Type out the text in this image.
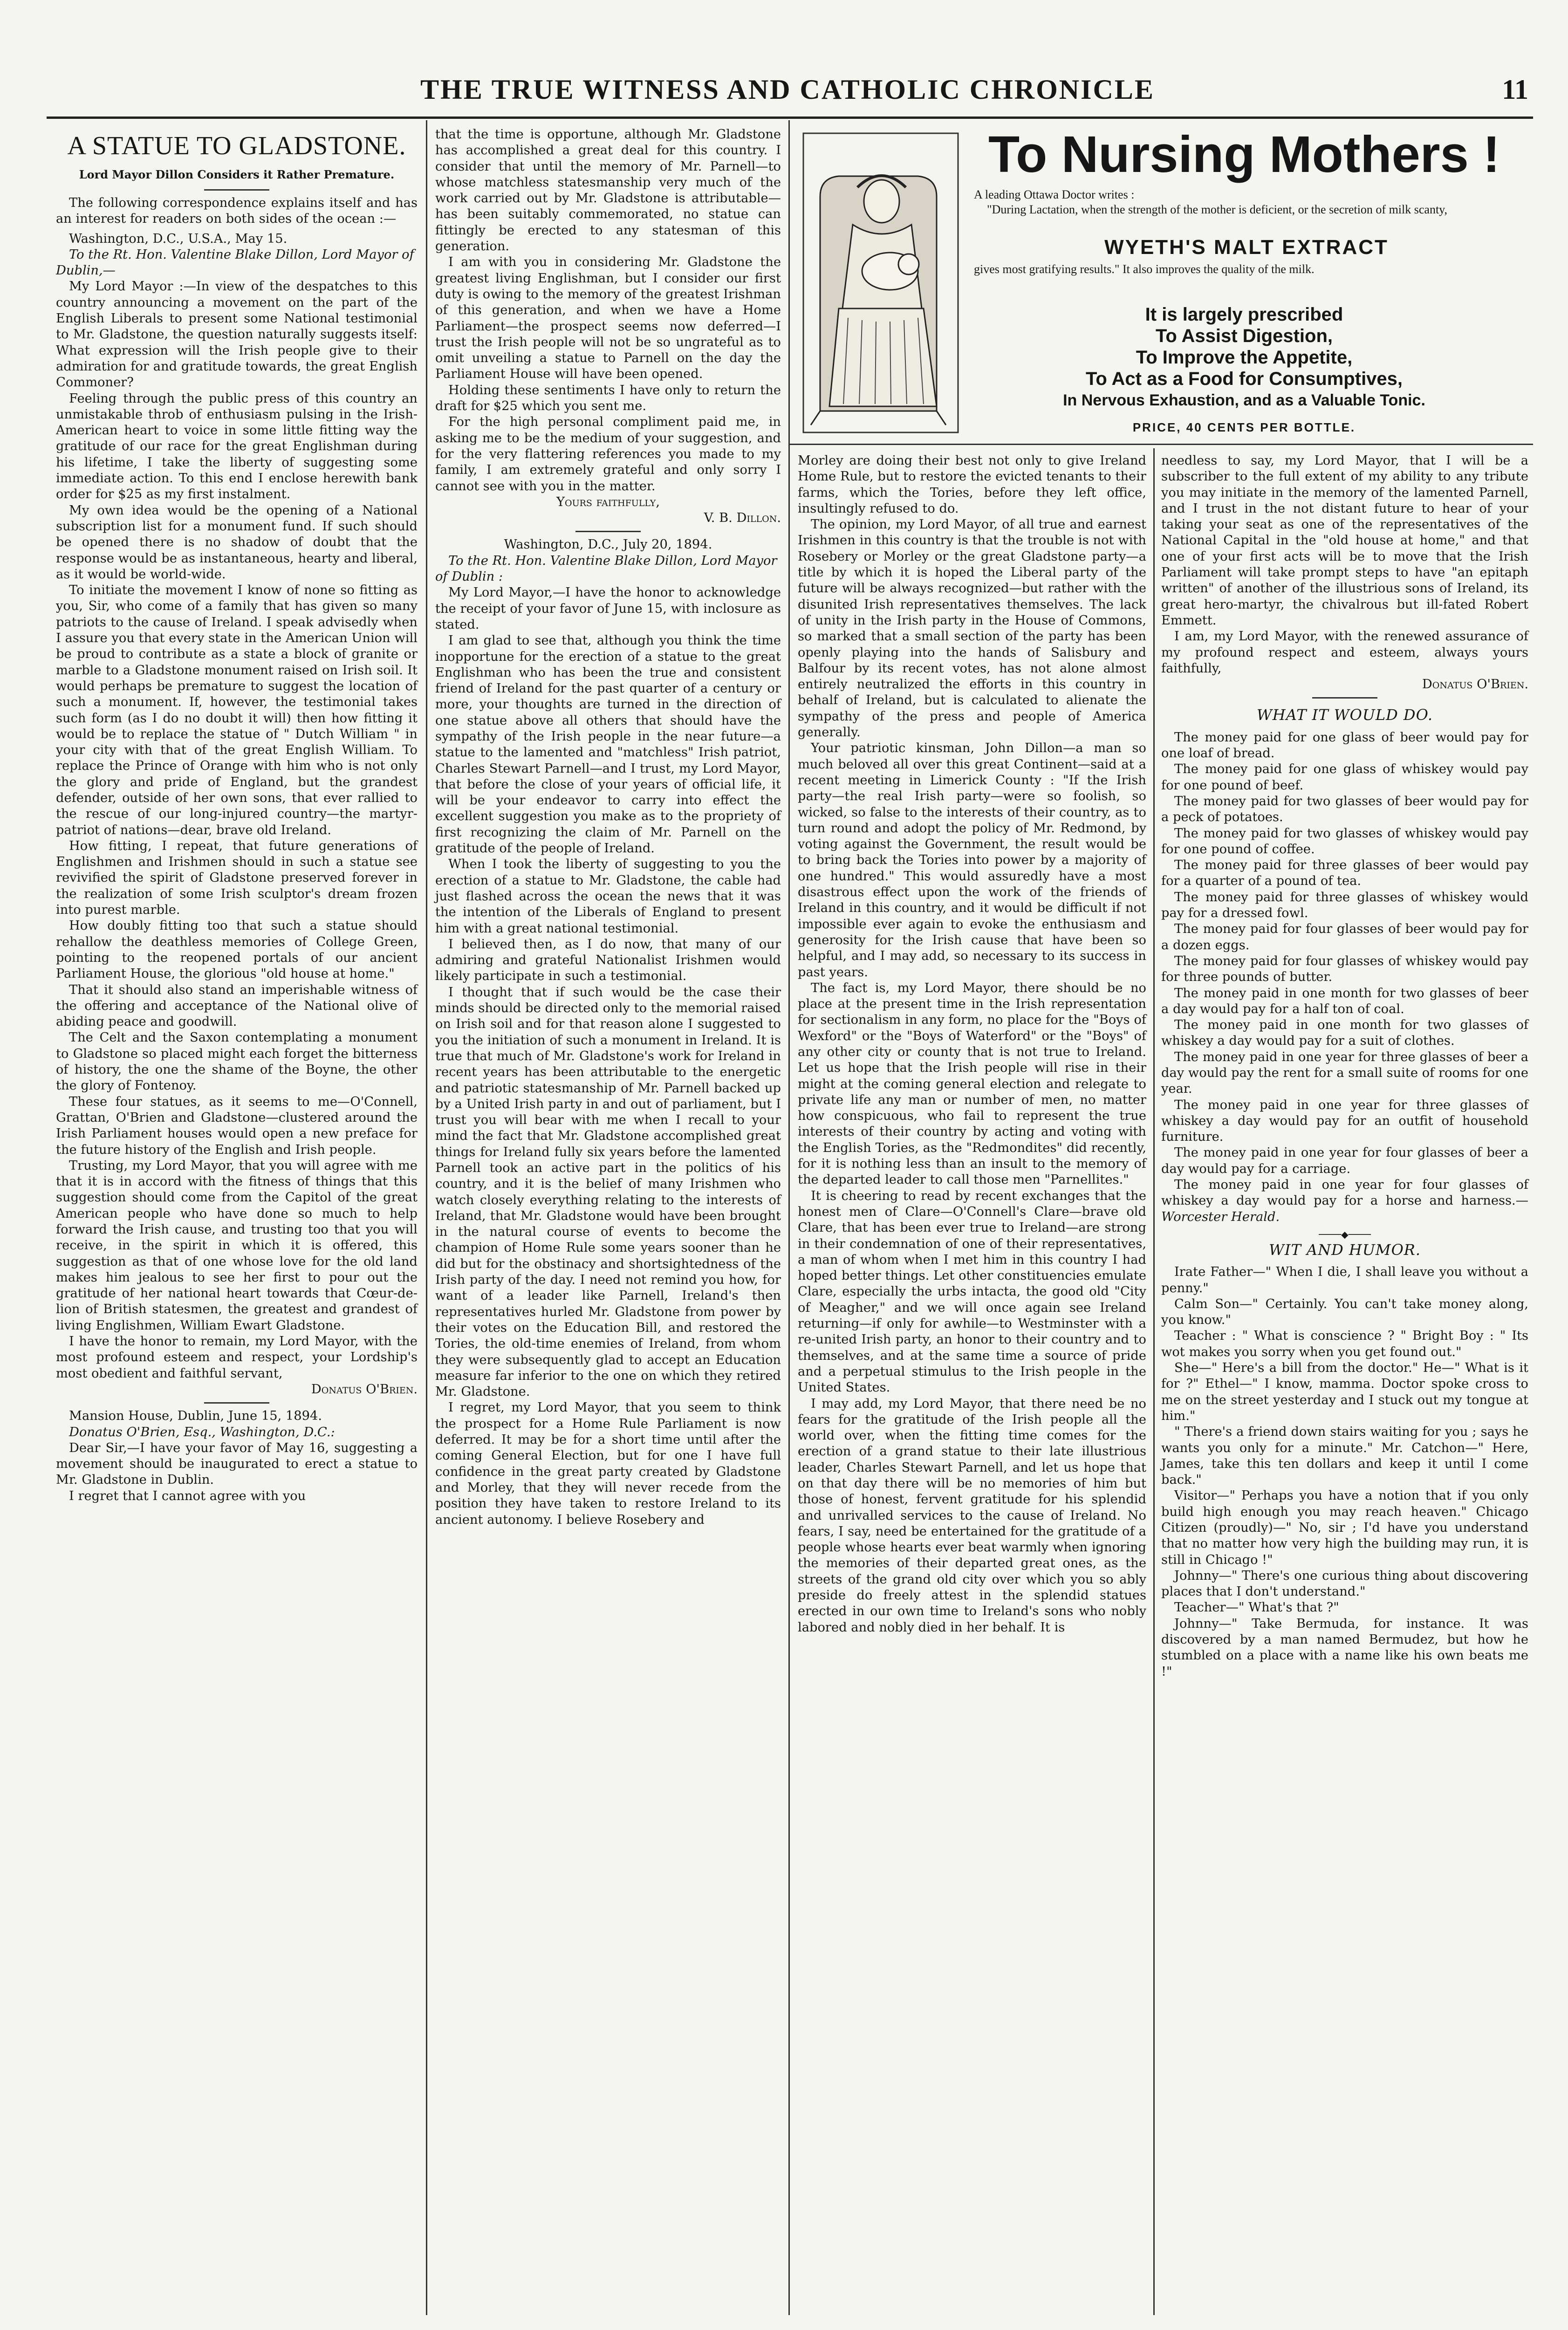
THE TRUE WITNESS AND CATHOLIC CHRONICLE	11
A STATUE TO GLADSTONE.
Lord Mayor Dillon Considers it Rather Premature.

The following correspondence explains itself and has an interest for readers on both sides of the ocean :—

Washington, D.C., U.S.A., May 15.

To the Rt. Hon. Valentine Blake Dillon, Lord Mayor of Dublin,—

My Lord Mayor :—In view of the despatches to this country announcing a movement on the part of the English Liberals to present some National testimonial to Mr. Gladstone, the question naturally suggests itself: What expression will the Irish people give to their admiration for and gratitude towards, the great English Commoner?

Feeling through the public press of this country an unmistakable throb of enthusiasm pulsing in the Irish-American heart to voice in some little fitting way the gratitude of our race for the great Englishman during his lifetime, I take the liberty of suggesting some immediate action. To this end I enclose herewith bank order for $25 as my first instalment.

My own idea would be the opening of a National subscription list for a monument fund. If such should be opened there is no shadow of doubt that the response would be as instantaneous, hearty and liberal, as it would be world-wide.

To initiate the movement I know of none so fitting as you, Sir, who come of a family that has given so many patriots to the cause of Ireland. I speak advisedly when I assure you that every state in the American Union will be proud to contribute as a state a block of granite or marble to a Gladstone monument raised on Irish soil. It would perhaps be premature to suggest the location of such a monument. If, however, the testimonial takes such form (as I do no doubt it will) then how fitting it would be to replace the statue of " Dutch William " in your city with that of the great English William. To replace the Prince of Orange with him who is not only the glory and pride of England, but the grandest defender, outside of her own sons, that ever rallied to the rescue of our long-injured country—the martyr-patriot of nations—dear, brave old Ireland.

How fitting, I repeat, that future generations of Englishmen and Irishmen should in such a statue see revivified the spirit of Gladstone preserved forever in the realization of some Irish sculptor's dream frozen into purest marble.

How doubly fitting too that such a statue should rehallow the deathless memories of College Green, pointing to the reopened portals of our ancient Parliament House, the glorious "old house at home."

That it should also stand an imperishable witness of the offering and acceptance of the National olive of abiding peace and goodwill.

The Celt and the Saxon contemplating a monument to Gladstone so placed might each forget the bitterness of history, the one the shame of the Boyne, the other the glory of Fontenoy.

These four statues, as it seems to me—O'Connell, Grattan, O'Brien and Gladstone—clustered around the Irish Parliament houses would open a new preface for the future history of the English and Irish people.

Trusting, my Lord Mayor, that you will agree with me that it is in accord with the fitness of things that this suggestion should come from the Capitol of the great American people who have done so much to help forward the Irish cause, and trusting too that you will receive, in the spirit in which it is offered, this suggestion as that of one whose love for the old land makes him jealous to see her first to pour out the gratitude of her national heart towards that Cœur-de-lion of British statesmen, the greatest and grandest of living Englishmen, William Ewart Gladstone.

I have the honor to remain, my Lord Mayor, with the most profound esteem and respect, your Lordship's most obedient and faithful servant,

Donatus O'Brien.

Mansion House, Dublin, June 15, 1894.

Donatus O'Brien, Esq., Washington, D.C.:

Dear Sir,—I have your favor of May 16, suggesting a movement should be inaugurated to erect a statue to Mr. Gladstone in Dublin.

I regret that I cannot agree with you

that the time is opportune, although Mr. Gladstone has accomplished a great deal for this country. I consider that until the memory of Mr. Parnell—to whose matchless statesmanship very much of the work carried out by Mr. Gladstone is attributable—has been suitably commemorated, no statue can fittingly be erected to any statesman of this generation.

I am with you in considering Mr. Gladstone the greatest living Englishman, but I consider our first duty is owing to the memory of the greatest Irishman of this generation, and when we have a Home Parliament—the prospect seems now deferred—I trust the Irish people will not be so ungrateful as to omit unveiling a statue to Parnell on the day the Parliament House will have been opened.

Holding these sentiments I have only to return the draft for $25 which you sent me.

For the high personal compliment paid me, in asking me to be the medium of your suggestion, and for the very flattering references you made to my family, I am extremely grateful and only sorry I cannot see with you in the matter.

Yours faithfully,

V. B. Dillon.

Washington, D.C., July 20, 1894.

To the Rt. Hon. Valentine Blake Dillon, Lord Mayor of Dublin :

My Lord Mayor,—I have the honor to acknowledge the receipt of your favor of June 15, with inclosure as stated.

I am glad to see that, although you think the time inopportune for the erection of a statue to the great Englishman who has been the true and consistent friend of Ireland for the past quarter of a century or more, your thoughts are turned in the direction of one statue above all others that should have the sympathy of the Irish people in the near future—a statue to the lamented and "matchless" Irish patriot, Charles Stewart Parnell—and I trust, my Lord Mayor, that before the close of your years of official life, it will be your endeavor to carry into effect the excellent suggestion you make as to the propriety of first recognizing the claim of Mr. Parnell on the gratitude of the people of Ireland.

When I took the liberty of suggesting to you the erection of a statue to Mr. Gladstone, the cable had just flashed across the ocean the news that it was the intention of the Liberals of England to present him with a great national testimonial.

I believed then, as I do now, that many of our admiring and grateful Nationalist Irishmen would likely participate in such a testimonial.

I thought that if such would be the case their minds should be directed only to the memorial raised on Irish soil and for that reason alone I suggested to you the initiation of such a monument in Ireland. It is true that much of Mr. Gladstone's work for Ireland in recent years has been attributable to the energetic and patriotic statesmanship of Mr. Parnell backed up by a United Irish party in and out of parliament, but I trust you will bear with me when I recall to your mind the fact that Mr. Gladstone accomplished great things for Ireland fully six years before the lamented Parnell took an active part in the politics of his country, and it is the belief of many Irishmen who watch closely everything relating to the interests of Ireland, that Mr. Gladstone would have been brought in the natural course of events to become the champion of Home Rule some years sooner than he did but for the obstinacy and shortsightedness of the Irish party of the day. I need not remind you how, for want of a leader like Parnell, Ireland's then representatives hurled Mr. Gladstone from power by their votes on the Education Bill, and restored the Tories, the old-time enemies of Ireland, from whom they were subsequently glad to accept an Education measure far inferior to the one on which they retired Mr. Gladstone.

I regret, my Lord Mayor, that you seem to think the prospect for a Home Rule Parliament is now deferred. It may be for a short time until after the coming General Election, but for one I have full confidence in the great party created by Gladstone and Morley, that they will never recede from the position they have taken to restore Ireland to its ancient autonomy. I believe Rosebery and

To Nursing Mothers !
A leading Ottawa Doctor writes :
"During Lactation, when the strength of the mother is deficient, or the secretion of milk scanty,
WYETH'S MALT EXTRACT
gives most gratifying results." It also improves the quality of the milk.
It is largely prescribed
To Assist Digestion,
To Improve the Appetite,
To Act as a Food for Consumptives,
In Nervous Exhaustion, and as a Valuable Tonic.
PRICE, 40 CENTS PER BOTTLE.

Morley are doing their best not only to give Ireland Home Rule, but to restore the evicted tenants to their farms, which the Tories, before they left office, insultingly refused to do.

The opinion, my Lord Mayor, of all true and earnest Irishmen in this country is that the trouble is not with Rosebery or Morley or the great Gladstone party—a title by which it is hoped the Liberal party of the future will be always recognized—but rather with the disunited Irish representatives themselves. The lack of unity in the Irish party in the House of Commons, so marked that a small section of the party has been openly playing into the hands of Salisbury and Balfour by its recent votes, has not alone almost entirely neutralized the efforts in this country in behalf of Ireland, but is calculated to alienate the sympathy of the press and people of America generally.

Your patriotic kinsman, John Dillon—a man so much beloved all over this great Continent—said at a recent meeting in Limerick County : "If the Irish party—the real Irish party—were so foolish, so wicked, so false to the interests of their country, as to turn round and adopt the policy of Mr. Redmond, by voting against the Government, the result would be to bring back the Tories into power by a majority of one hundred." This would assuredly have a most disastrous effect upon the work of the friends of Ireland in this country, and it would be difficult if not impossible ever again to evoke the enthusiasm and generosity for the Irish cause that have been so helpful, and I may add, so necessary to its success in past years.

The fact is, my Lord Mayor, there should be no place at the present time in the Irish representation for sectionalism in any form, no place for the "Boys of Wexford" or the "Boys of Waterford" or the "Boys" of any other city or county that is not true to Ireland. Let us hope that the Irish people will rise in their might at the coming general election and relegate to private life any man or number of men, no matter how conspicuous, who fail to represent the true interests of their country by acting and voting with the English Tories, as the "Redmondites" did recently, for it is nothing less than an insult to the memory of the departed leader to call those men "Parnellites."

It is cheering to read by recent exchanges that the honest men of Clare—O'Connell's Clare—brave old Clare, that has been ever true to Ireland—are strong in their condemnation of one of their representatives, a man of whom when I met him in this country I had hoped better things. Let other constituencies emulate Clare, especially the urbs intacta, the good old "City of Meagher," and we will once again see Ireland returning—if only for awhile—to Westminster with a re-united Irish party, an honor to their country and to themselves, and at the same time a source of pride and a perpetual stimulus to the Irish people in the United States.

I may add, my Lord Mayor, that there need be no fears for the gratitude of the Irish people all the world over, when the fitting time comes for the erection of a grand statue to their late illustrious leader, Charles Stewart Parnell, and let us hope that on that day there will be no memories of him but those of honest, fervent gratitude for his splendid and unrivalled services to the cause of Ireland. No fears, I say, need be entertained for the gratitude of a people whose hearts ever beat warmly when ignoring the memories of their departed great ones, as the streets of the grand old city over which you so ably preside do freely attest in the splendid statues erected in our own time to Ireland's sons who nobly labored and nobly died in her behalf. It is

needless to say, my Lord Mayor, that I will be a subscriber to the full extent of my ability to any tribute you may initiate in the memory of the lamented Parnell, and I trust in the not distant future to hear of your taking your seat as one of the representatives of the National Capital in the "old house at home," and that one of your first acts will be to move that the Irish Parliament will take prompt steps to have "an epitaph written" of another of the illustrious sons of Ireland, its great hero-martyr, the chivalrous but ill-fated Robert Emmett.

I am, my Lord Mayor, with the renewed assurance of my profound respect and esteem, always yours faithfully,

Donatus O'Brien.

WHAT IT WOULD DO.

The money paid for one glass of beer would pay for one loaf of bread.

The money paid for one glass of whiskey would pay for one pound of beef.

The money paid for two glasses of beer would pay for a peck of potatoes.

The money paid for two glasses of whiskey would pay for one pound of coffee.

The money paid for three glasses of beer would pay for a quarter of a pound of tea.

The money paid for three glasses of whiskey would pay for a dressed fowl.

The money paid for four glasses of beer would pay for a dozen eggs.

The money paid for four glasses of whiskey would pay for three pounds of butter.

The money paid in one month for two glasses of beer a day would pay for a half ton of coal.

The money paid in one month for two glasses of whiskey a day would pay for a suit of clothes.

The money paid in one year for three glasses of beer a day would pay the rent for a small suite of rooms for one year.

The money paid in one year for three glasses of whiskey a day would pay for an outfit of household furniture.

The money paid in one year for four glasses of beer a day would pay for a carriage.

The money paid in one year for four glasses of whiskey a day would pay for a horse and harness.—Worcester Herald.

────◆────
WIT AND HUMOR.

Irate Father—" When I die, I shall leave you without a penny."

Calm Son—" Certainly. You can't take money along, you know."

Teacher : " What is conscience ? " Bright Boy : " Its wot makes you sorry when you get found out."

She—" Here's a bill from the doctor." He—" What is it for ?" Ethel—" I know, mamma. Doctor spoke cross to me on the street yesterday and I stuck out my tongue at him."

" There's a friend down stairs waiting for you ; says he wants you only for a minute." Mr. Catchon—" Here, James, take this ten dollars and keep it until I come back."

Visitor—" Perhaps you have a notion that if you only build high enough you may reach heaven." Chicago Citizen (proudly)—" No, sir ; I'd have you understand that no matter how very high the building may run, it is still in Chicago !"

Johnny—" There's one curious thing about discovering places that I don't understand."

Teacher—" What's that ?"

Johnny—" Take Bermuda, for instance. It was discovered by a man named Bermudez, but how he stumbled on a place with a name like his own beats me !"
